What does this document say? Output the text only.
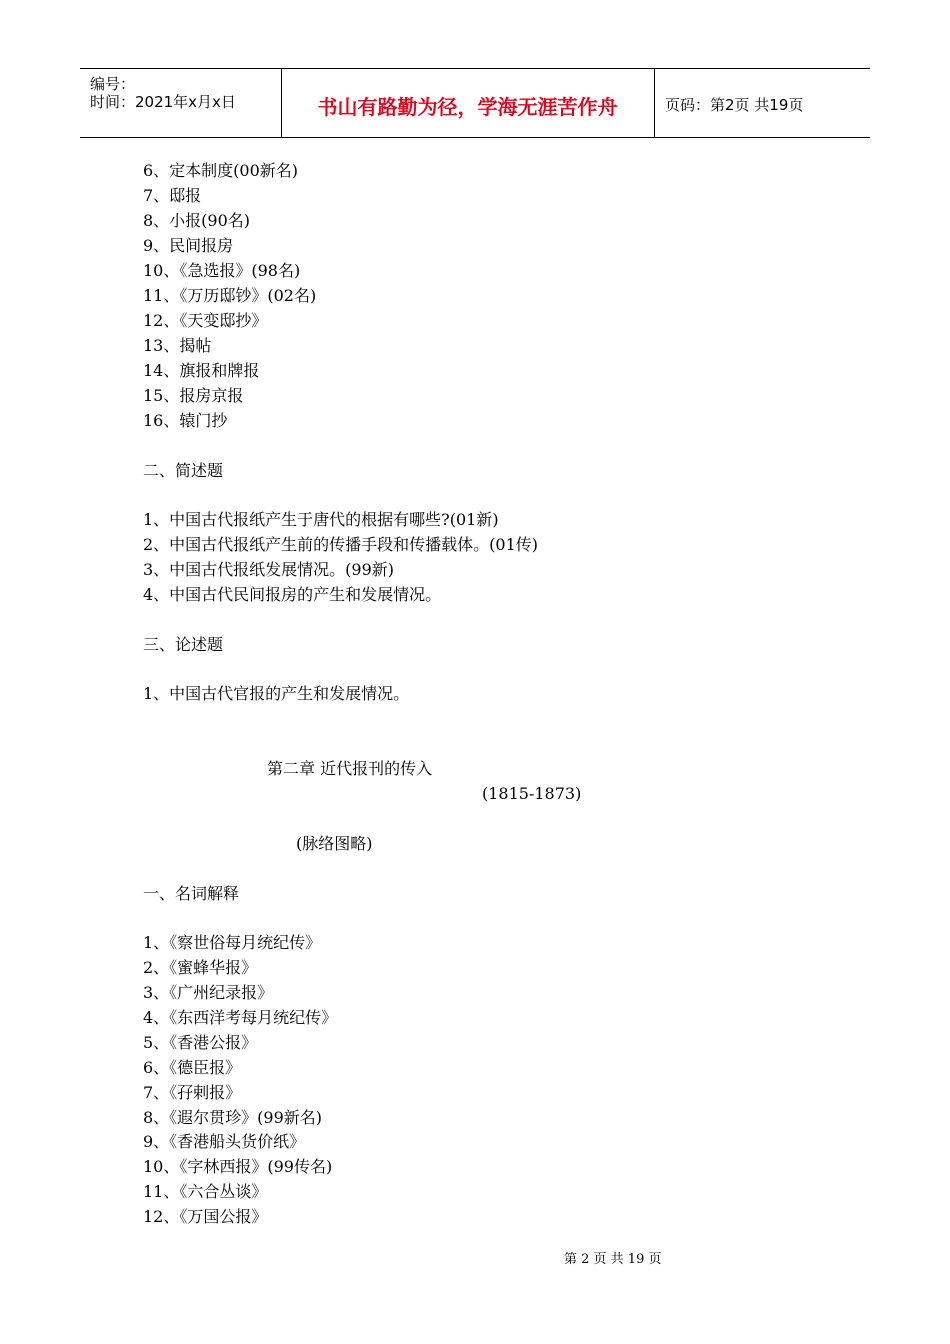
编号：
时间：2021年x月x日	书山有路勤为径，学海无涯苦作舟	页码：第2页 共19页
6、定本制度(00新名)
7、邸报
8、小报(90名)
9、民间报房
10、《急选报》(98名)
11、《万历邸钞》(02名)
12、《天变邸抄》
13、揭帖
14、旗报和牌报
15、报房京报
16、辕门抄
二、简述题
1、中国古代报纸产生于唐代的根据有哪些?(01新)
2、中国古代报纸产生前的传播手段和传播载体。(01传)
3、中国古代报纸发展情况。(99新)
4、中国古代民间报房的产生和发展情况。
三、论述题
1、中国古代官报的产生和发展情况。
第二章 近代报刊的传入
(1815-1873)
(脉络图略)
一、名词解释
1、《察世俗每月统纪传》
2、《蜜蜂华报》
3、《广州纪录报》
4、《东西洋考每月统纪传》
5、《香港公报》
6、《德臣报》
7、《孖剌报》
8、《遐尔贯珍》(99新名)
9、《香港船头货价纸》
10、《字林西报》(99传名)
11、《六合丛谈》
12、《万国公报》
第 2 页 共 19 页
